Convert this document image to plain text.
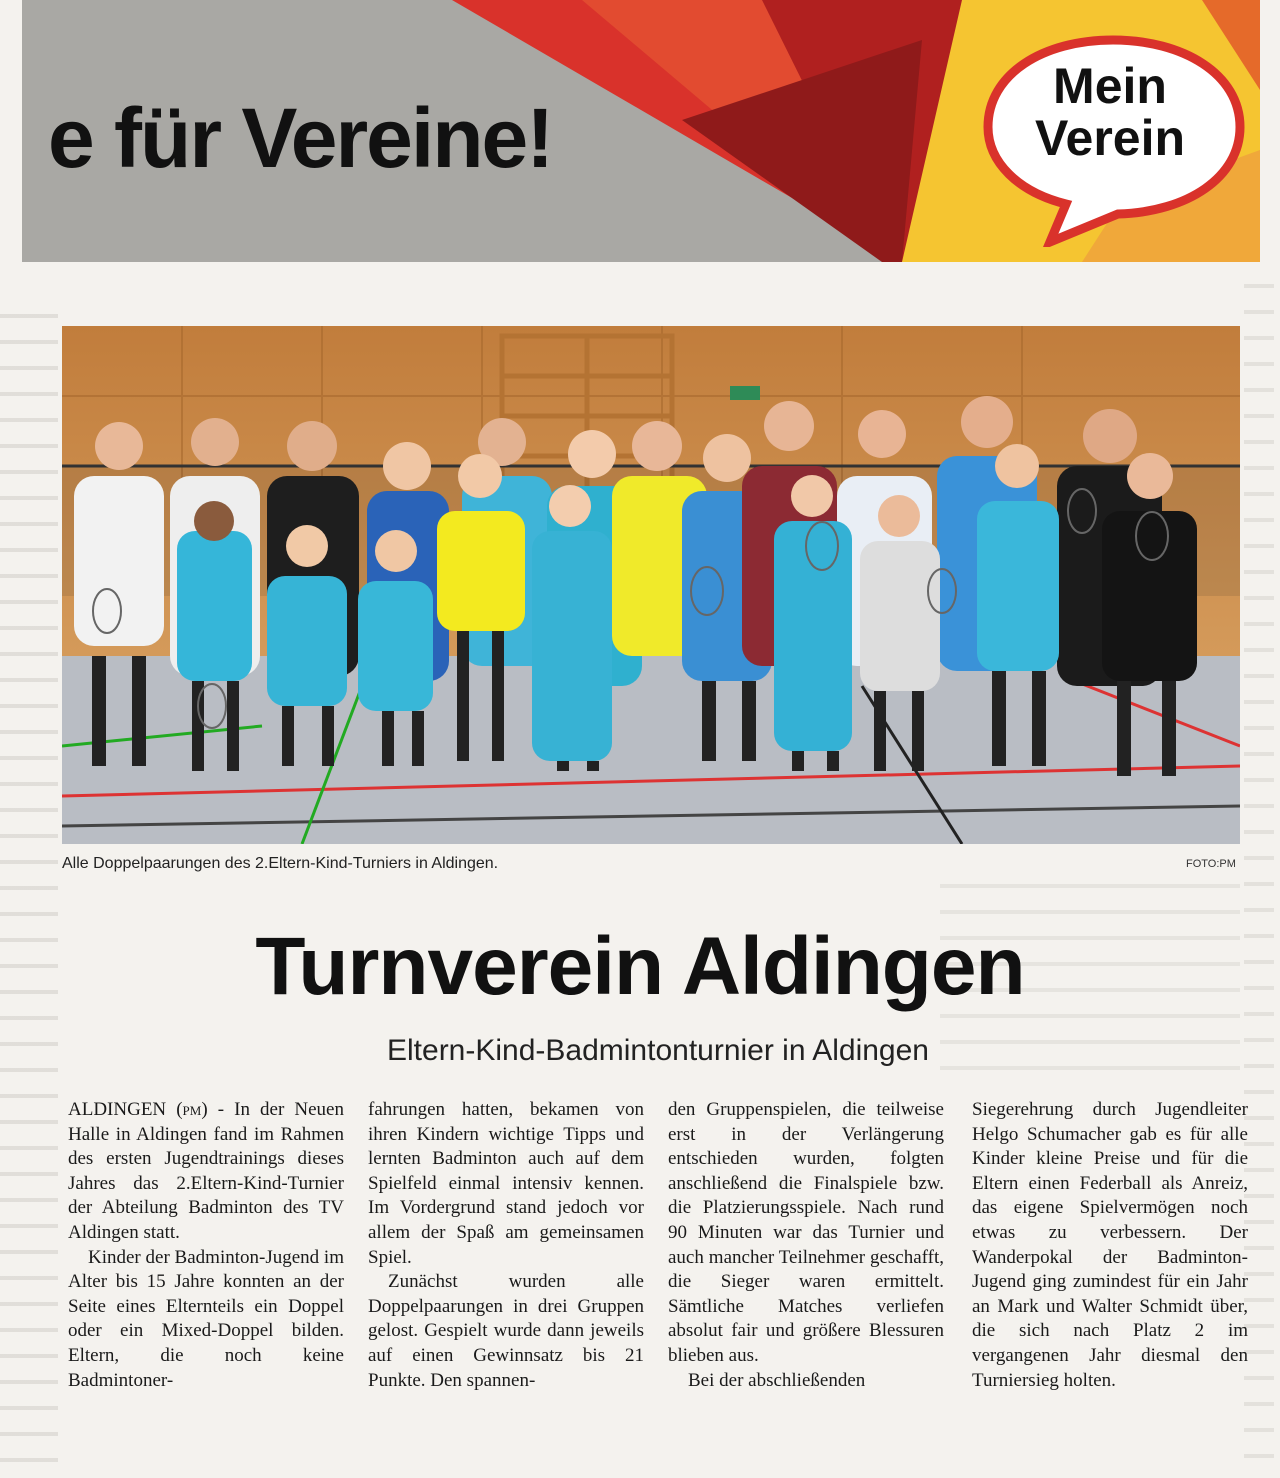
e für Vereine!

Mein
Verein

Alle Doppelpaarungen des 2.Eltern-Kind-Turniers in Aldingen.	FOTO:PM

Turnverein Aldingen

Eltern-Kind-Badmintonturnier in Aldingen

ALDINGEN (pm) - In der Neuen Halle in Aldingen fand im Rahmen des ersten Jugendtrainings dieses Jahres das 2.Eltern-Kind-Turnier der Abteilung Badminton des TV Aldingen statt.

Kinder der Badminton-Jugend im Alter bis 15 Jahre konnten an der Seite eines Elternteils ein Doppel oder ein Mixed-Doppel bilden. Eltern, die noch keine Badmintoner-

fahrungen hatten, bekamen von ihren Kindern wichtige Tipps und lernten Badminton auch auf dem Spielfeld einmal intensiv kennen. Im Vordergrund stand jedoch vor allem der Spaß am gemeinsamen Spiel.

Zunächst wurden alle Doppelpaarungen in drei Gruppen gelost. Gespielt wurde dann jeweils auf einen Gewinnsatz bis 21 Punkte. Den spannen-

den Gruppenspielen, die teilweise erst in der Verlängerung entschieden wurden, folgten anschließend die Finalspiele bzw. die Platzierungsspiele. Nach rund 90 Minuten war das Turnier und auch mancher Teilnehmer geschafft, die Sieger waren ermittelt. Sämtliche Matches verliefen absolut fair und größere Blessuren blieben aus.

Bei der abschließenden

Siegerehrung durch Jugendleiter Helgo Schumacher gab es für alle Kinder kleine Preise und für die Eltern einen Federball als Anreiz, das eigene Spielvermögen noch etwas zu verbessern. Der Wanderpokal der Badminton-Jugend ging zumindest für ein Jahr an Mark und Walter Schmidt über, die sich nach Platz 2 im vergangenen Jahr diesmal den Turniersieg holten.
